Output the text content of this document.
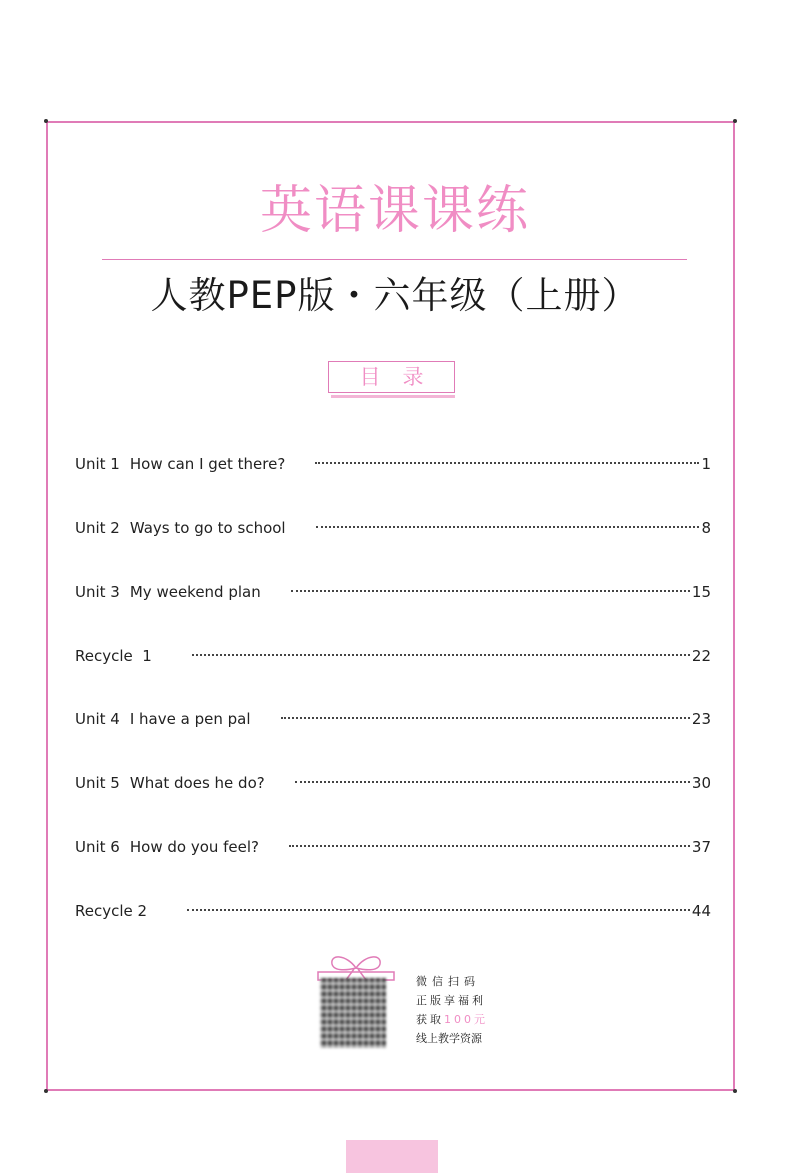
英语课课练
人教PEP版・六年级（上册）
目录
Unit 1 How can I get there?	1
Unit 2 Ways to go to school	8
Unit 3 My weekend plan	15
Recycle  1	22
Unit 4 I have a pen pal	23
Unit 5 What does he do?	30
Unit 6 How do you feel?	37
Recycle 2	44
微信扫码
正版享福利
获取100元
线上教学资源
